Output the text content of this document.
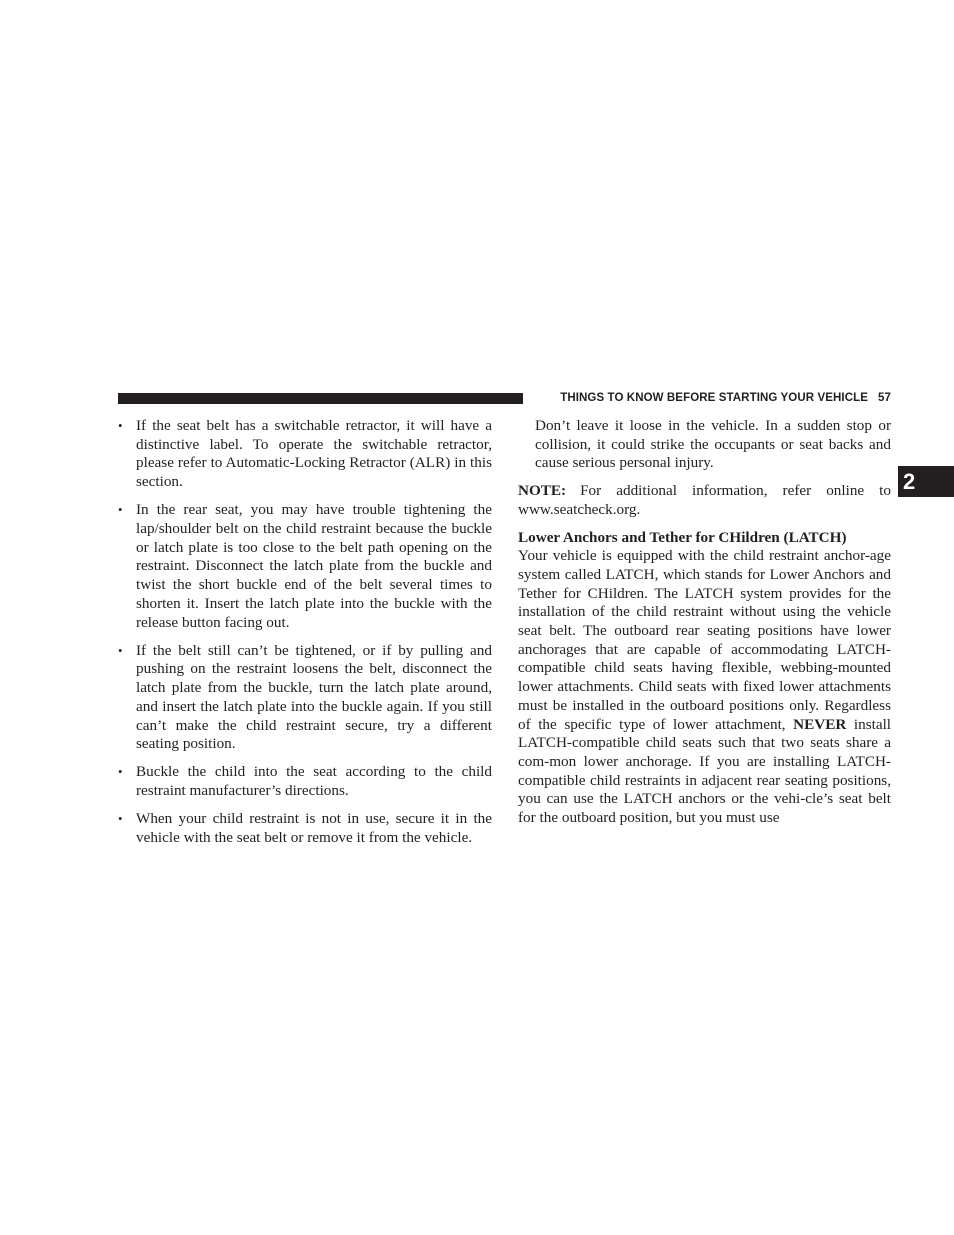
THINGS TO KNOW BEFORE STARTING YOUR VEHICLE 57
2
• If the seat belt has a switchable retractor, it will have a distinctive label. To operate the switchable retractor, please refer to Automatic-Locking Retractor (ALR) in this section.
• In the rear seat, you may have trouble tightening the lap/shoulder belt on the child restraint because the buckle or latch plate is too close to the belt path opening on the restraint. Disconnect the latch plate from the buckle and twist the short buckle end of the belt several times to shorten it. Insert the latch plate into the buckle with the release button facing out.
• If the belt still can’t be tightened, or if by pulling and pushing on the restraint loosens the belt, disconnect the latch plate from the buckle, turn the latch plate around, and insert the latch plate into the buckle again. If you still can’t make the child restraint secure, try a different seating position.
• Buckle the child into the seat according to the child restraint manufacturer’s directions.
• When your child restraint is not in use, secure it in the vehicle with the seat belt or remove it from the vehicle.

Don’t leave it loose in the vehicle. In a sudden stop or collision, it could strike the occupants or seat backs and cause serious personal injury.

NOTE: For additional information, refer online to www.seatcheck.org.

Lower Anchors and Tether for CHildren (LATCH)

Your vehicle is equipped with the child restraint anchor-age system called LATCH, which stands for Lower Anchors and Tether for CHildren. The LATCH system provides for the installation of the child restraint without using the vehicle seat belt. The outboard rear seating positions have lower anchorages that are capable of accommodating LATCH-compatible child seats having flexible, webbing-mounted lower attachments. Child seats with fixed lower attachments must be installed in the outboard positions only. Regardless of the specific type of lower attachment, NEVER install LATCH-compatible child seats such that two seats share a com-mon lower anchorage. If you are installing LATCH-compatible child restraints in adjacent rear seating positions, you can use the LATCH anchors or the vehi-cle’s seat belt for the outboard position, but you must use
